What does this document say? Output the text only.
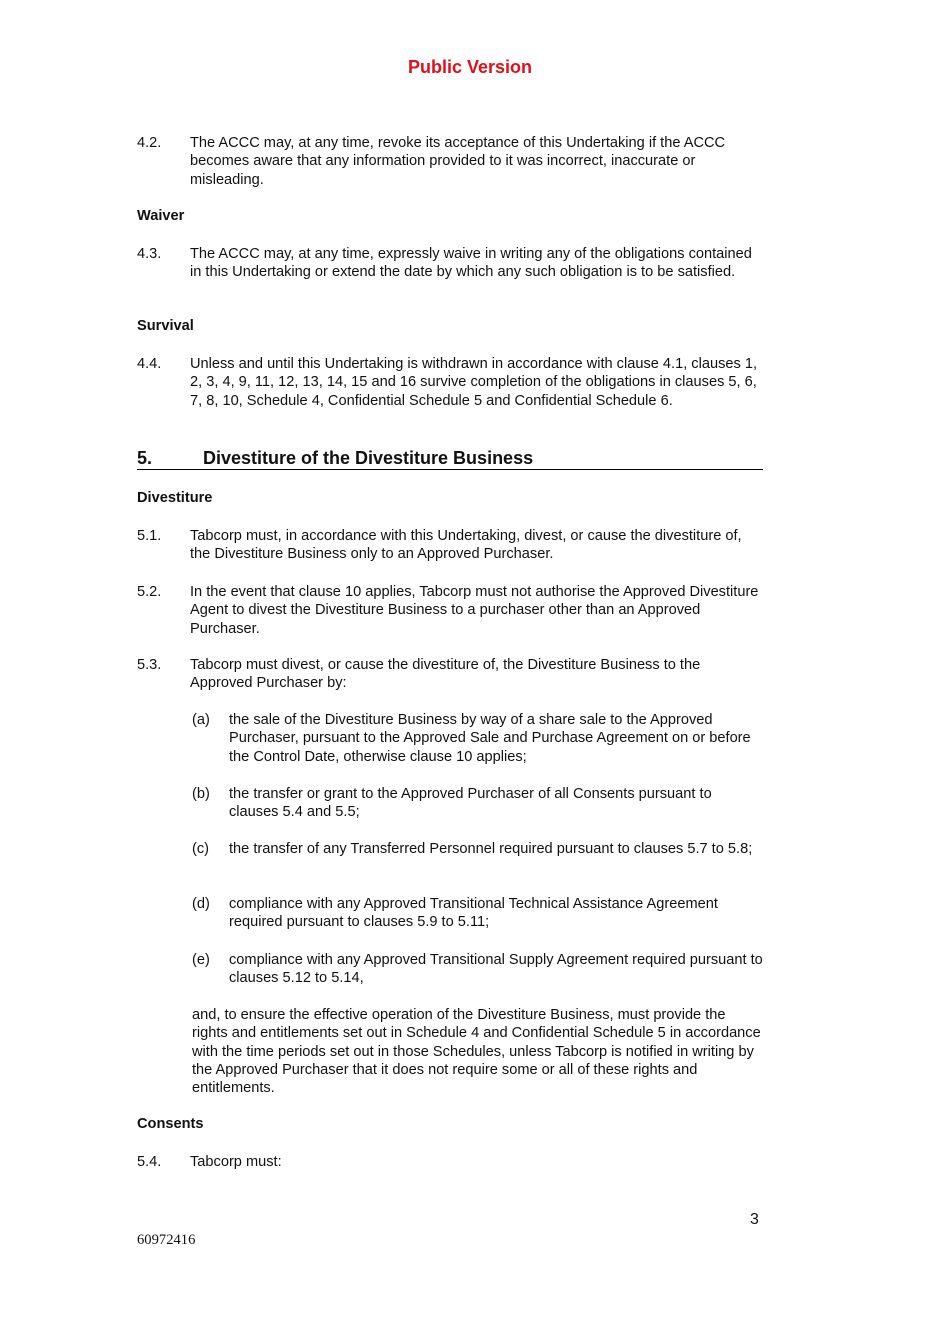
Public Version
4.2. The ACCC may, at any time, revoke its acceptance of this Undertaking if the ACCC becomes aware that any information provided to it was incorrect, inaccurate or misleading.
Waiver
4.3. The ACCC may, at any time, expressly waive in writing any of the obligations contained in this Undertaking or extend the date by which any such obligation is to be satisfied.
Survival
4.4. Unless and until this Undertaking is withdrawn in accordance with clause 4.1, clauses 1, 2, 3, 4, 9, 11, 12, 13, 14, 15 and 16 survive completion of the obligations in clauses 5, 6, 7, 8, 10, Schedule 4, Confidential Schedule 5 and Confidential Schedule 6.
5.	Divestiture of the Divestiture Business
Divestiture
5.1. Tabcorp must, in accordance with this Undertaking, divest, or cause the divestiture of, the Divestiture Business only to an Approved Purchaser.
5.2. In the event that clause 10 applies, Tabcorp must not authorise the Approved Divestiture Agent to divest the Divestiture Business to a purchaser other than an Approved Purchaser.
5.3. Tabcorp must divest, or cause the divestiture of, the Divestiture Business to the Approved Purchaser by:
(a) the sale of the Divestiture Business by way of a share sale to the Approved Purchaser, pursuant to the Approved Sale and Purchase Agreement on or before the Control Date, otherwise clause 10 applies;
(b) the transfer or grant to the Approved Purchaser of all Consents pursuant to clauses 5.4 and 5.5;
(c) the transfer of any Transferred Personnel required pursuant to clauses 5.7 to 5.8;
(d) compliance with any Approved Transitional Technical Assistance Agreement required pursuant to clauses 5.9 to 5.11;
(e) compliance with any Approved Transitional Supply Agreement required pursuant to clauses 5.12 to 5.14,
and, to ensure the effective operation of the Divestiture Business, must provide the rights and entitlements set out in Schedule 4 and Confidential Schedule 5 in accordance with the time periods set out in those Schedules, unless Tabcorp is notified in writing by the Approved Purchaser that it does not require some or all of these rights and entitlements.
Consents
5.4. Tabcorp must:
3
60972416
